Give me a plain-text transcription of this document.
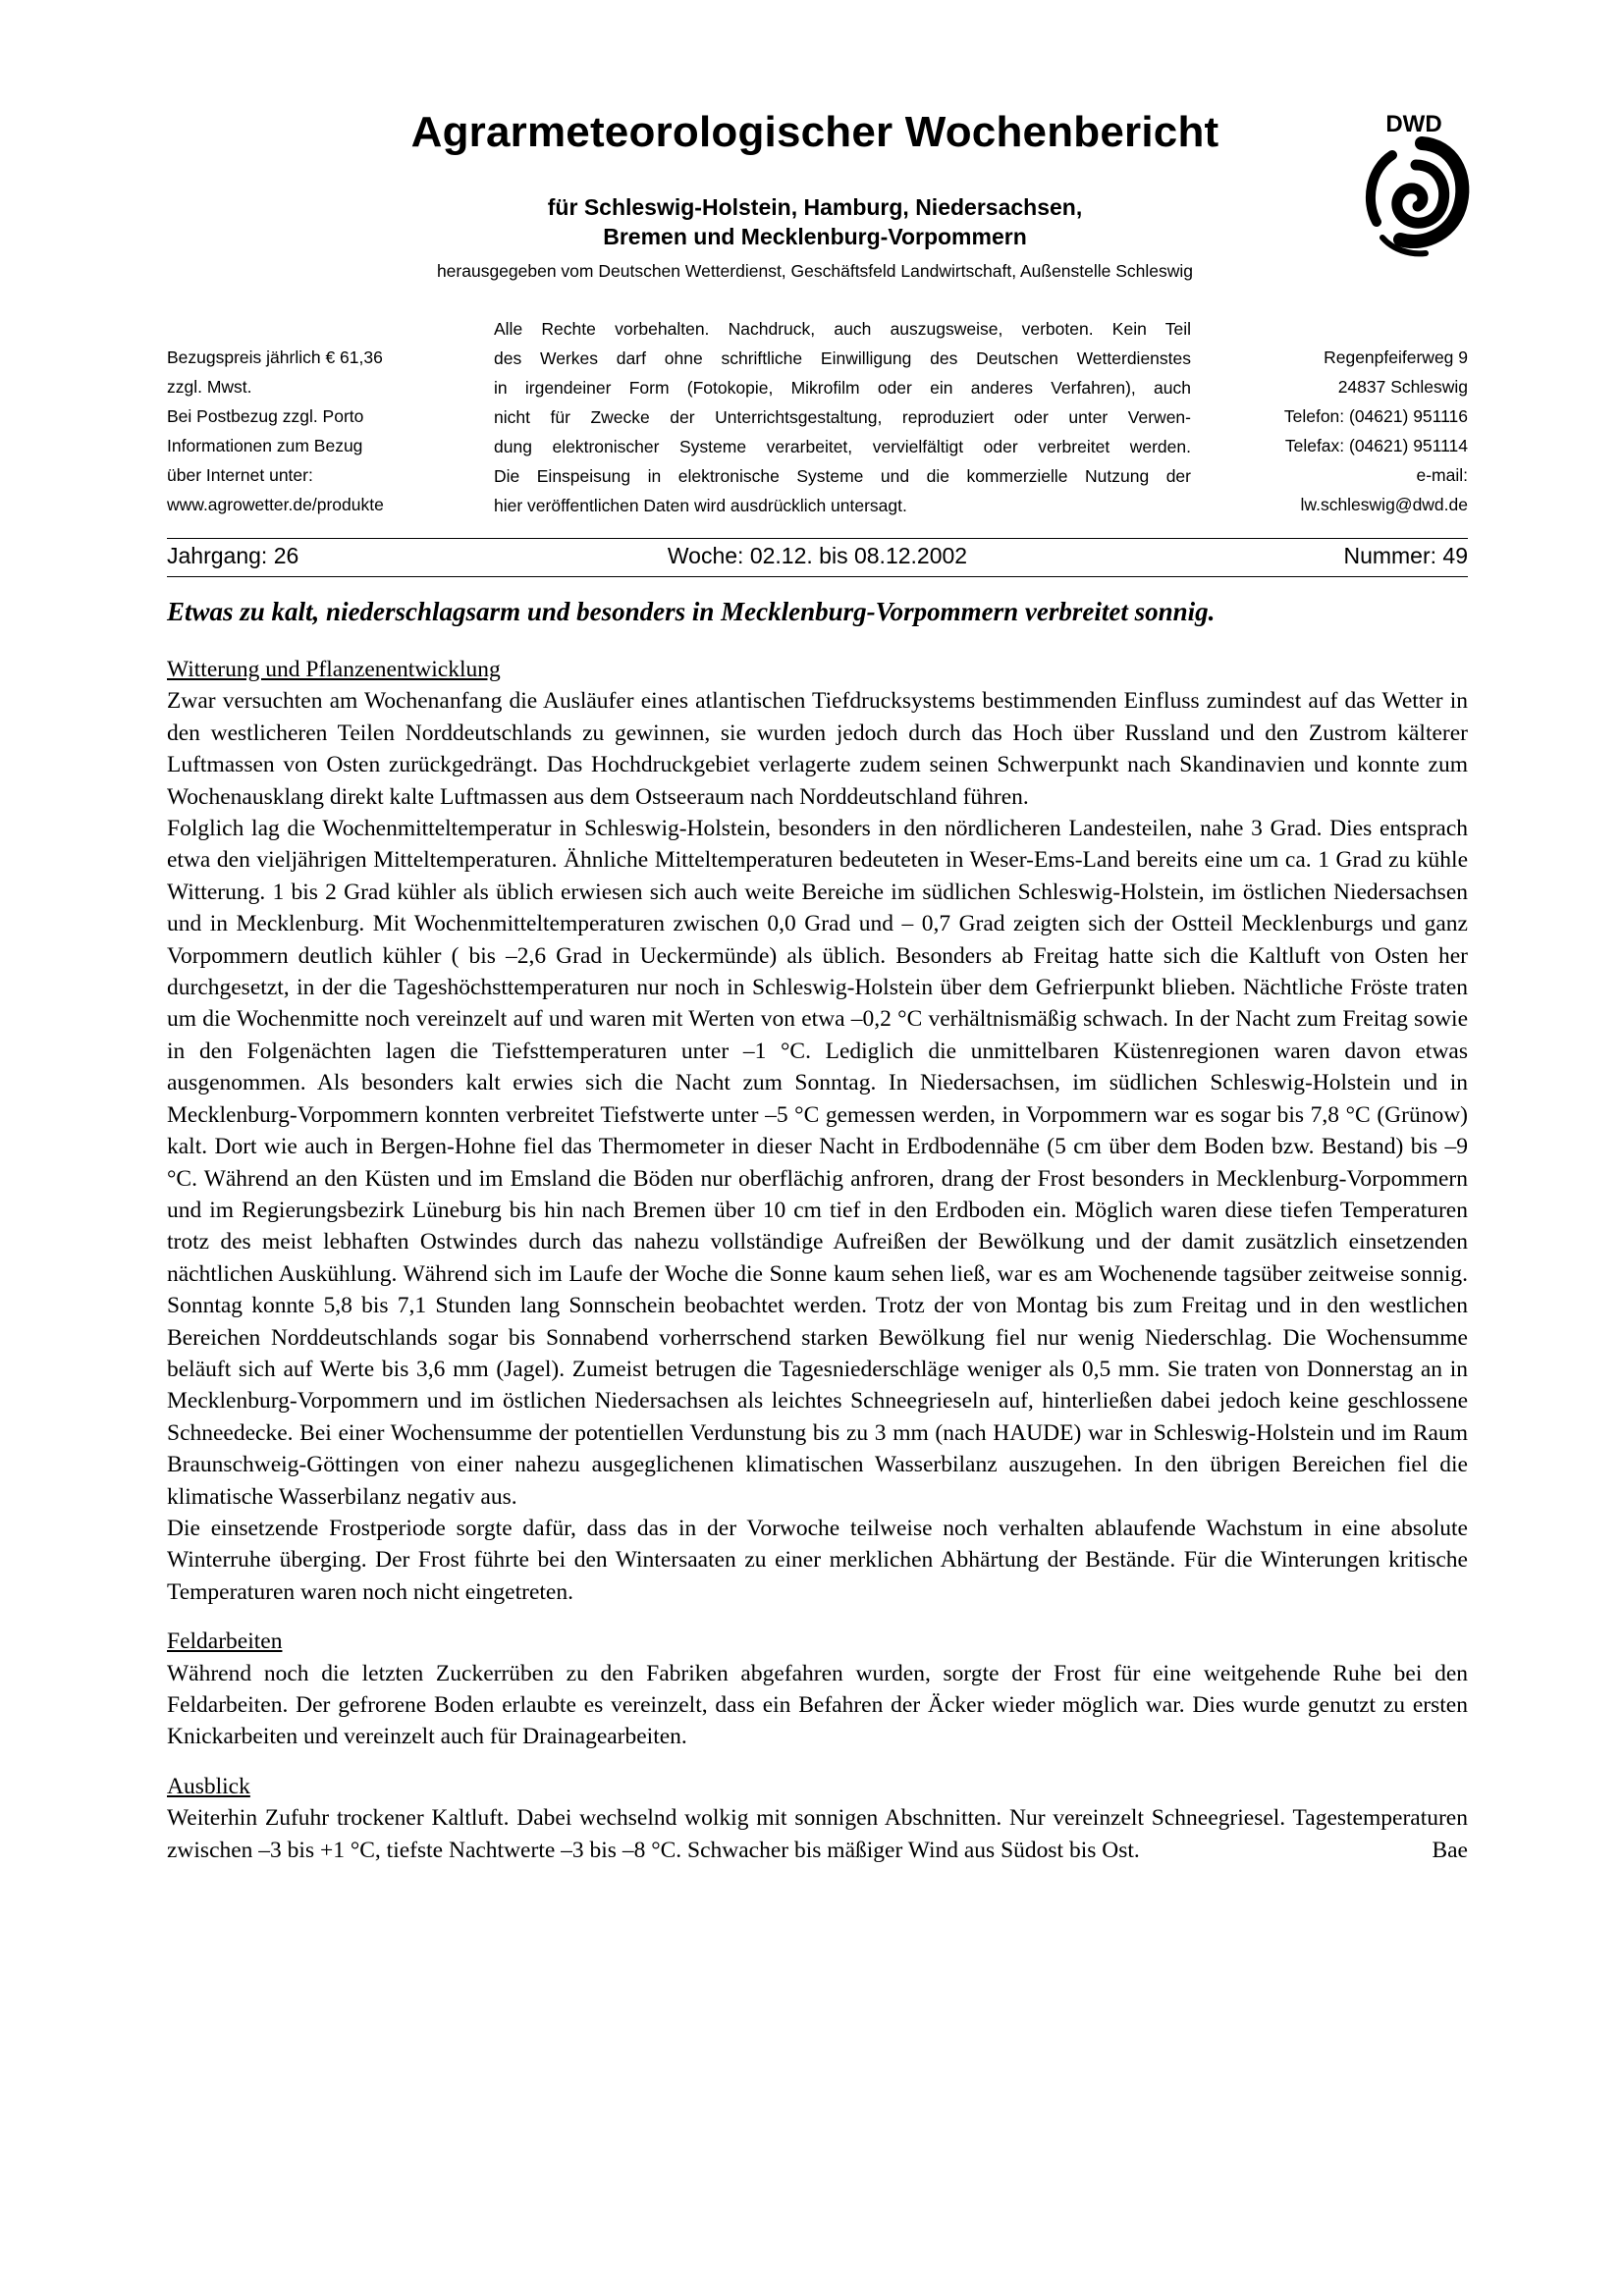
Agrarmeteorologischer Wochenbericht
für Schleswig-Holstein, Hamburg, Niedersachsen,
Bremen und Mecklenburg-Vorpommern
herausgegeben vom Deutschen Wetterdienst, Geschäftsfeld Landwirtschaft, Außenstelle Schleswig
DWD
Bezugspreis jährlich € 61,36
zzgl. Mwst.
Bei Postbezug zzgl. Porto
Informationen zum Bezug
über Internet unter:
www.agrowetter.de/produkte
Alle Rechte vorbehalten. Nachdruck, auch auszugsweise, verboten. Kein Teil
des Werkes darf ohne schriftliche Einwilligung des Deutschen Wetterdienstes
in irgendeiner Form (Fotokopie, Mikrofilm oder ein anderes Verfahren), auch
nicht für Zwecke der Unterrichtsgestaltung, reproduziert oder unter Verwen-
dung elektronischer Systeme verarbeitet, vervielfältigt oder verbreitet werden.
Die Einspeisung in elektronische Systeme und die kommerzielle Nutzung der
hier veröffentlichen Daten wird ausdrücklich untersagt.
Regenpfeiferweg 9
24837 Schleswig
Telefon: (04621) 951116
Telefax: (04621) 951114
e-mail:
lw.schleswig@dwd.de
Woche: 02.12. bis 08.12.2002
Jahrgang: 26	Nummer: 49
Etwas zu kalt, niederschlagsarm und besonders in Mecklenburg-Vorpommern verbreitet sonnig.
Witterung und Pflanzenentwicklung

Zwar versuchten am Wochenanfang die Ausläufer eines atlantischen Tiefdrucksystems bestimmenden Einfluss zumindest auf das Wetter in den westlicheren Teilen Norddeutschlands zu gewinnen, sie wurden jedoch durch das Hoch über Russland und den Zustrom kälterer Luftmassen von Osten zurückgedrängt. Das Hochdruckgebiet verlagerte zudem seinen Schwerpunkt nach Skandinavien und konnte zum Wochenausklang direkt kalte Luftmassen aus dem Ostseeraum nach Norddeutschland führen.

Folglich lag die Wochenmitteltemperatur in Schleswig-Holstein, besonders in den nördlicheren Landesteilen, nahe 3 Grad. Dies entsprach etwa den vieljährigen Mitteltemperaturen. Ähnliche Mitteltemperaturen bedeuteten in Weser-Ems-Land bereits eine um ca. 1 Grad zu kühle Witterung. 1 bis 2 Grad kühler als üblich erwiesen sich auch weite Bereiche im südlichen Schleswig-Holstein, im östlichen Niedersachsen und in Mecklenburg. Mit Wochenmitteltemperaturen zwischen 0,0 Grad und – 0,7 Grad zeigten sich der Ostteil Mecklenburgs und ganz Vorpommern deutlich kühler ( bis –2,6 Grad in Ueckermünde) als üblich. Besonders ab Freitag hatte sich die Kaltluft von Osten her durchgesetzt, in der die Tageshöchsttemperaturen nur noch in Schleswig-Holstein über dem Gefrierpunkt blieben. Nächtliche Fröste traten um die Wochenmitte noch vereinzelt auf und waren mit Werten von etwa –0,2 °C verhältnismäßig schwach. In der Nacht zum Freitag sowie in den Folgenächten lagen die Tiefsttemperaturen unter –1 °C. Lediglich die unmittelbaren Küstenregionen waren davon etwas ausgenommen. Als besonders kalt erwies sich die Nacht zum Sonntag. In Niedersachsen, im südlichen Schleswig-Holstein und in Mecklenburg-Vorpommern konnten verbreitet Tiefstwerte unter –5 °C gemessen werden, in Vorpommern war es sogar bis 7,8 °C (Grünow) kalt. Dort wie auch in Bergen-Hohne fiel das Thermometer in dieser Nacht in Erdbodennähe (5 cm über dem Boden bzw. Bestand) bis –9 °C. Während an den Küsten und im Emsland die Böden nur oberflächig anfroren, drang der Frost besonders in Mecklenburg-Vorpommern und im Regierungsbezirk Lüneburg bis hin nach Bremen über 10 cm tief in den Erdboden ein. Möglich waren diese tiefen Temperaturen trotz des meist lebhaften Ostwindes durch das nahezu vollständige Aufreißen der Bewölkung und der damit zusätzlich einsetzenden nächtlichen Auskühlung. Während sich im Laufe der Woche die Sonne kaum sehen ließ, war es am Wochenende tagsüber zeitweise sonnig. Sonntag konnte 5,8 bis 7,1 Stunden lang Sonnschein beobachtet werden. Trotz der von Montag bis zum Freitag und in den westlichen Bereichen Norddeutschlands sogar bis Sonnabend vorherrschend starken Bewölkung fiel nur wenig Niederschlag. Die Wochensumme beläuft sich auf Werte bis 3,6 mm (Jagel). Zumeist betrugen die Tagesniederschläge weniger als 0,5 mm. Sie traten von Donnerstag an in Mecklenburg-Vorpommern und im östlichen Niedersachsen als leichtes Schneegrieseln auf, hinterließen dabei jedoch keine geschlossene Schneedecke. Bei einer Wochensumme der potentiellen Verdunstung bis zu 3 mm (nach HAUDE) war in Schleswig-Holstein und im Raum Braunschweig-Göttingen von einer nahezu ausgeglichenen klimatischen Wasserbilanz auszugehen. In den übrigen Bereichen fiel die klimatische Wasserbilanz negativ aus.

Die einsetzende Frostperiode sorgte dafür, dass das in der Vorwoche teilweise noch verhalten ablaufende Wachstum in eine absolute Winterruhe überging. Der Frost führte bei den Wintersaaten zu einer merklichen Abhärtung der Bestände. Für die Winterungen kritische Temperaturen waren noch nicht eingetreten.

Feldarbeiten

Während noch die letzten Zuckerrüben zu den Fabriken abgefahren wurden, sorgte der Frost für eine weitgehende Ruhe bei den Feldarbeiten. Der gefrorene Boden erlaubte es vereinzelt, dass ein Befahren der Äcker wieder möglich war. Dies wurde genutzt zu ersten Knickarbeiten und vereinzelt auch für Drainagearbeiten.

Ausblick

Weiterhin Zufuhr trockener Kaltluft. Dabei wechselnd wolkig mit sonnigen Abschnitten. Nur vereinzelt Schneegriesel. Tagestemperaturen zwischen –3 bis +1 °C, tiefste Nachtwerte –3 bis –8 °C. Schwacher bis mäßiger Wind aus Südost bis Ost.	Bae
